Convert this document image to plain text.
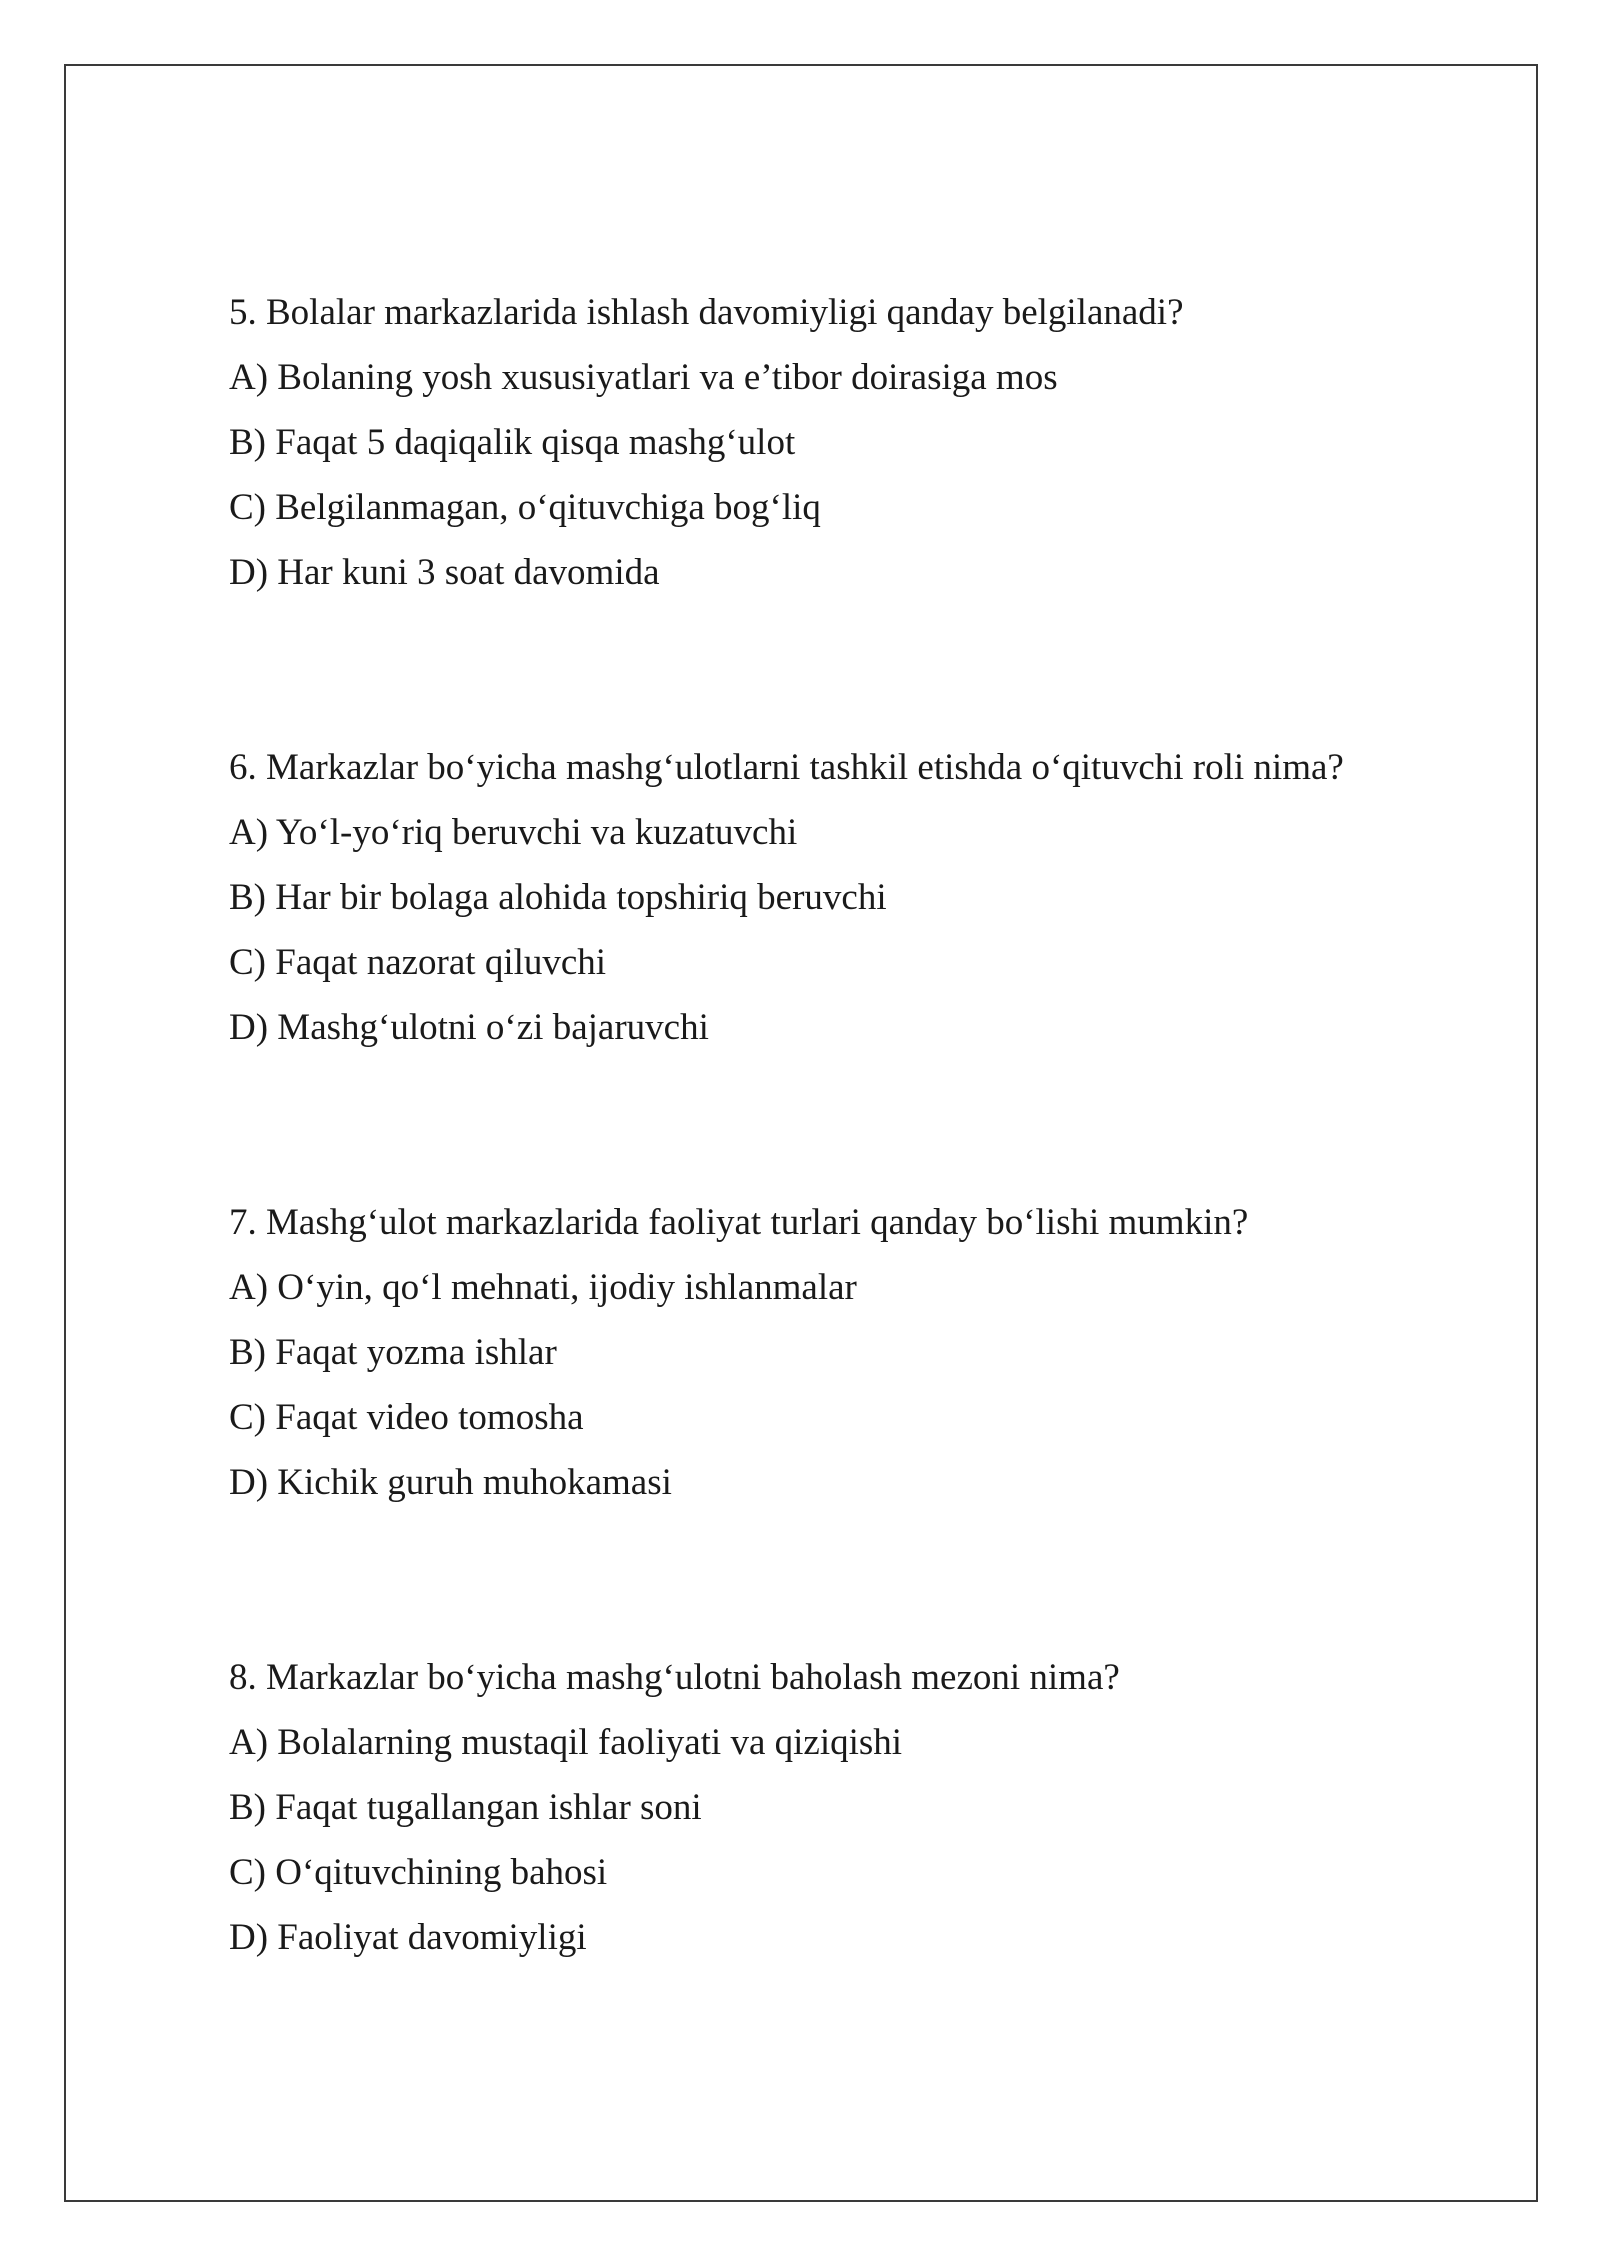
5. Bolalar markazlarida ishlash davomiyligi qanday belgilanadi?
A) Bolaning yosh xususiyatlari va e’tibor doirasiga mos
B) Faqat 5 daqiqalik qisqa mashg‘ulot
C) Belgilanmagan, o‘qituvchiga bog‘liq
D) Har kuni 3 soat davomida
6. Markazlar bo‘yicha mashg‘ulotlarni tashkil etishda o‘qituvchi roli nima?
A) Yo‘l-yo‘riq beruvchi va kuzatuvchi
B) Har bir bolaga alohida topshiriq beruvchi
C) Faqat nazorat qiluvchi
D) Mashg‘ulotni o‘zi bajaruvchi
7. Mashg‘ulot markazlarida faoliyat turlari qanday bo‘lishi mumkin?
A) O‘yin, qo‘l mehnati, ijodiy ishlanmalar
B) Faqat yozma ishlar
C) Faqat video tomosha
D) Kichik guruh muhokamasi
8. Markazlar bo‘yicha mashg‘ulotni baholash mezoni nima?
A) Bolalarning mustaqil faoliyati va qiziqishi
B) Faqat tugallangan ishlar soni
C) O‘qituvchining bahosi
D) Faoliyat davomiyligi
